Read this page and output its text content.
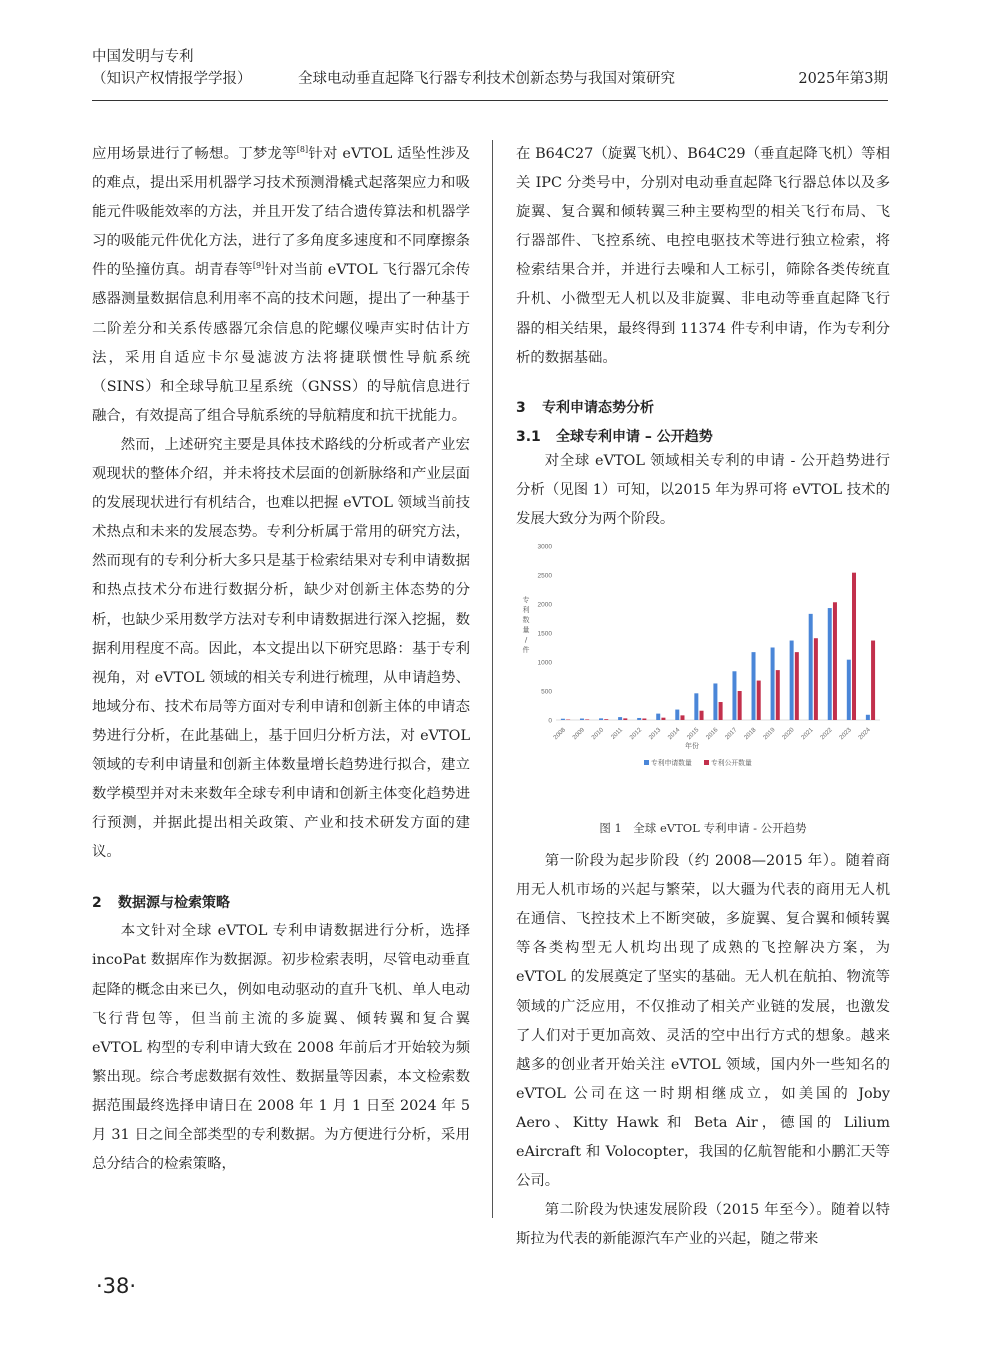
中国发明与专利
（知识产权情报学学报）	全球电动垂直起降飞行器专利技术创新态势与我国对策研究	2025年第3期

应用场景进行了畅想。丁梦龙等[8]针对 eVTOL 适坠性涉及的难点，提出采用机器学习技术预测滑橇式起落架应力和吸能元件吸能效率的方法，并且开发了结合遗传算法和机器学习的吸能元件优化方法，进行了多角度多速度和不同摩擦条件的坠撞仿真。胡青春等[9]针对当前 eVTOL 飞行器冗余传感器测量数据信息利用率不高的技术问题，提出了一种基于二阶差分和关系传感器冗余信息的陀螺仪噪声实时估计方法，采用自适应卡尔曼滤波方法将捷联惯性导航系统（SINS）和全球导航卫星系统（GNSS）的导航信息进行融合，有效提高了组合导航系统的导航精度和抗干扰能力。

然而，上述研究主要是具体技术路线的分析或者产业宏观现状的整体介绍，并未将技术层面的创新脉络和产业层面的发展现状进行有机结合，也难以把握 eVTOL 领域当前技术热点和未来的发展态势。专利分析属于常用的研究方法，然而现有的专利分析大多只是基于检索结果对专利申请数据和热点技术分布进行数据分析，缺少对创新主体态势的分析，也缺少采用数学方法对专利申请数据进行深入挖掘，数据利用程度不高。因此，本文提出以下研究思路：基于专利视角，对 eVTOL 领域的相关专利进行梳理，从申请趋势、地域分布、技术布局等方面对专利申请和创新主体的申请态势进行分析，在此基础上，基于回归分析方法，对 eVTOL 领域的专利申请量和创新主体数量增长趋势进行拟合，建立数学模型并对未来数年全球专利申请和创新主体变化趋势进行预测，并据此提出相关政策、产业和技术研发方面的建议。

2 数据源与检索策略

本文针对全球 eVTOL 专利申请数据进行分析，选择 incoPat 数据库作为数据源。初步检索表明，尽管电动垂直起降的概念由来已久，例如电动驱动的直升飞机、单人电动飞行背包等，但当前主流的多旋翼、倾转翼和复合翼 eVTOL 构型的专利申请大致在 2008 年前后才开始较为频繁出现。综合考虑数据有效性、数据量等因素，本文检索数据范围最终选择申请日在 2008 年 1 月 1 日至 2024 年 5 月 31 日之间全部类型的专利数据。为方便进行分析，采用总分结合的检索策略，

在 B64C27（旋翼飞机）、B64C29（垂直起降飞机）等相关 IPC 分类号中，分别对电动垂直起降飞行器总体以及多旋翼、复合翼和倾转翼三种主要构型的相关飞行布局、飞行器部件、飞控系统、电控电驱技术等进行独立检索，将检索结果合并，并进行去噪和人工标引，筛除各类传统直升机、小微型无人机以及非旋翼、非电动等垂直起降飞行器的相关结果，最终得到 11374 件专利申请，作为专利分析的数据基础。

3 专利申请态势分析
3.1 全球专利申请 – 公开趋势

对全球 eVTOL 领域相关专利的申请 - 公开趋势进行分析（见图 1）可知，以2015 年为界可将 eVTOL 技术的发展大致分为两个阶段。

0
500
1000
1500
2000
2500
3000
专
利
数
量
/
件
2008 2009 2010 2011 2012 2013 2014 2015 2016 2017 2018 2019 2020 2021 2022 2023 2024
年份
专利申请数量	专利公开数量
图 1　全球 eVTOL 专利申请 - 公开趋势

第一阶段为起步阶段（约 2008—2015 年）。随着商用无人机市场的兴起与繁荣，以大疆为代表的商用无人机在通信、飞控技术上不断突破，多旋翼、复合翼和倾转翼等各类构型无人机均出现了成熟的飞控解决方案，为 eVTOL 的发展奠定了坚实的基础。无人机在航拍、物流等领域的广泛应用，不仅推动了相关产业链的发展，也激发了人们对于更加高效、灵活的空中出行方式的想象。越来越多的创业者开始关注 eVTOL 领域，国内外一些知名的 eVTOL 公司在这一时期相继成立，如美国的 Joby Aero、Kitty Hawk 和 Beta Air，德国的 Lilium eAircraft 和 Volocopter，我国的亿航智能和小鹏汇天等公司。

第二阶段为快速发展阶段（2015 年至今）。随着以特斯拉为代表的新能源汽车产业的兴起，随之带来

·38·
